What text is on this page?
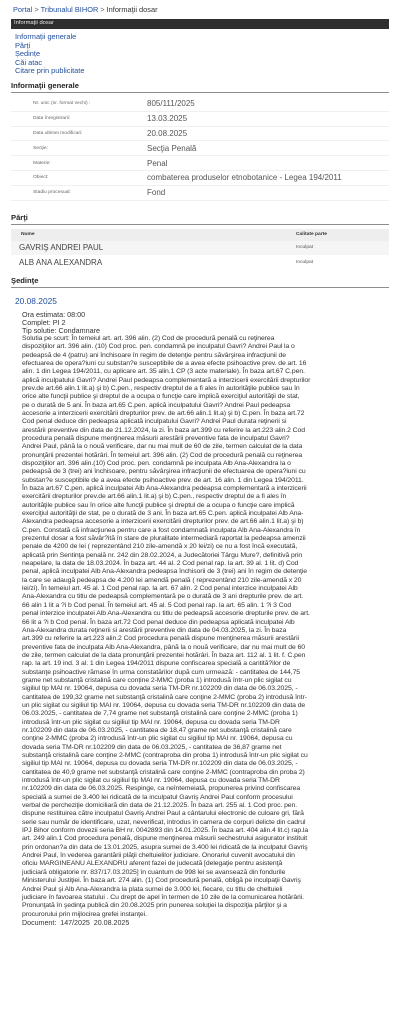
Portal > Tribunalul BIHOR > Informaţii dosar
Informaţii dosar
Informații generale
Părți
Ședințe
Căi atac
Citare prin publicitate
Informaţii generale
Nr. unic (nr. format vechi) :	805/111/2025
Data înregistrarii:	13.03.2025
Data ultimei modificari:	20.08.2025
Secţie:	Secţia Penală
Materie:	Penal
Obiect:	combaterea produselor etnobotanice - Legea 194/2011
Stadiu procesual:	Fond
Părţi
Nume	Calitate parte
GAVRIŞ ANDREI PAUL	Inculpat
ALB ANA ALEXANDRA	Inculpat
Şedinţe
20.08.2025
Ora estimata: 08:00
Complet: PI 2
Tip solutie: Condamnare
Solutia pe scurt: În temeiul art. art. 396 alin. (2) Cod de procedură penală cu reţinerea
dispoziţiilor art. 396 alin. (10) Cod proc. pen. condamnă pe inculpatul Gavri? Andrei Paul la o
pedeapsă de 4 (patru) ani închisoare în regim de detenţie pentru săvârşirea infracţiunii de
efectuarea de opera?iuni cu substan?e susceptibile de a avea efecte psihoactive prev. de art. 16
alin. 1 din Legea 194/2011, cu aplicare art. 35 alin.1 CP (3 acte materiale). În baza art.67 C.pen.
aplică inculpatului Gavri? Andrei Paul pedeapsa complementară a interzicerii exercitării drepturilor
prev.de art.66 alin.1 lit.a) şi b) C.pen., respectiv dreptul de a fi ales în autorităţile publice sau în
orice alte funcţii publice şi dreptul de a ocupa o funcţie care implică exerciţiul autorităţii de stat,
pe o durată de 5 ani. În baza art.65 C.pen. aplică inculpatului Gavri? Andrei Paul pedeapsa
accesorie a interzicerii exercitării drepturilor prev. de art.66 alin.1 lit.a) şi b) C.pen. În baza art.72
Cod penal deduce din pedeapsa aplicată inculpatului Gavri? Andrei Paul durata reţinerii si
arestării preventive din data de 21.12.2024, la zi. În baza art.399 cu referire la art.223 alin.2 Cod
procedura penală dispune menţinerea măsurii arestării preventive fata de inculpatul Gavri?
Andrei Paul, până la o nouă verificare, dar nu mai mult de 60 de zile, termen calculat de la data
pronunţării prezentei hotărâri. În temeiul art. 396 alin. (2) Cod de procedură penală cu reţinerea
dispoziţiilor art. 396 alin.(10) Cod proc. pen. condamnă pe inculpata Alb Ana-Alexandra la o
pedeapsă de 3 (trei) ani închisoare, pentru săvârşirea infracţiunii de efectuarea de opera?iuni cu
substan?e susceptibile de a avea efecte psihoactive prev. de art. 16 alin. 1 din Legea 194/2011.
În baza art.67 C.pen. aplică inculpatei Alb Ana-Alexandra pedeapsa complementară a interzicerii
exercitării drepturilor prev.de art.66 alin.1 lit.a) şi b) C.pen., respectiv dreptul de a fi ales în
autorităţile publice sau în orice alte funcţii publice şi dreptul de a ocupa o funcţie care implică
exerciţiul autorităţii de stat, pe o durată de 3 ani. În baza art.65 C.pen. aplică inculpatei Alb Ana-
Alexandra pedeapsa accesorie a interzicerii exercitării drepturilor prev. de art.66 alin.1 lit.a) şi b)
C.pen. Constată că infracţiunea pentru care a fost condamnată inculpata Alb Ana-Alexandra în
prezentul dosar a fost săvâr?ită în stare de pluralitate intermediară raportat la pedeapsa amenzii
penale de 4200 de lei ( reprezentând 210 zile-amendă x 20 lei/zi) ce nu a fost încă executată,
aplicată prin Sentinţa penală nr. 242 din 28.02.2024, a Judecătoriei Târgu Mure?, definitivă prin
neapelare, la data de 18.03.2024. În baza art. 44 al. 2 Cod penal rap. la art. 39 al. 1 lit. d) Cod
penal, aplică inculpatei Alb Ana-Alexandra pedeapsa închisorii de 3 (trei) ani în regim de detenţie
la care se adaugă pedeapsa de 4.200 lei amendă penală ( reprezentând 210 zile-amendă x 20
lei/zi). În temeiul art. 45 al. 1 Cod penal rap. la art. 67 alin. 2 Cod penal interzice inculpatei Alb
Ana-Alexandra cu titlu de pedeapsă complementară pe o durată de 3 ani drepturile prev. de art.
66 alin 1 lit a ?i b Cod penal. În temeiul art. 45 al. 5 Cod penal rap. la art. 65 alin. 1 ?i 3 Cod
penal interzice inculpatei Alb Ana-Alexandra cu titlu de pedeapsă accesorie drepturile prev. de art.
66 lit a ?i b Cod penal. În baza art.72 Cod penal deduce din pedeapsa aplicată inculpatei Alb
Ana-Alexandra durata reţinerii si arestării preventive din data de 04.03.2025, la zi. În baza
art.399 cu referire la art.223 alin.2 Cod procedura penală dispune menţinerea măsurii arestării
preventive fata de inculpata Alb Ana-Alexandra, până la o nouă verificare, dar nu mai mult de 60
de zile, termen calculat de la data pronunţării prezentei hotărâri. În baza art. 112 al. 1 lit. f. C.pen
rap. la art. 19 ind. 3 al. 1 din Legea 194/2011 dispune confiscarea specială a cantită?ilor de
substanţe psihoactive rămase în urma constatărilor după cum urmează: - cantitatea de 144,75
grame net substanță cristalină care conține 2-MMC (proba 1) introdusă într-un plic sigilat cu
sigiliul tip MAI nr. 19064, depusa cu dovada seria TM-DR nr.102209 din data de 06.03.2025, -
cantitatea de 199,32 grame net substanţă cristalină care conţine 2-MMC (proba 2) introdusă într-
un plic sigilat cu sigiliul tip MAI nr. 19064, depusa cu dovada seria TM-DR nr.102209 din data de
06.03.2025, - cantitatea de 7,74 grame net substanţă cristalină care conţine 2-MMC (proba 1)
introdusă într-un plic sigilat cu sigiliul tip MAI nr. 19064, depusa cu dovada seria TM-DR
nr.102209 din data de 06.03.2025, - cantitatea de 18,47 grame net substanţă cristalină care
conţine 2-MMC (proba 2) introdusă într-un plic sigilat cu sigiliul tip MAI nr. 19064, depusa cu
dovada seria TM-DR nr.102209 din data de 06.03.2025, - cantitatea de 36,87 grame net
substanţă cristalină care conţine 2-MMC (contraproba din proba 1) introdusă într-un plic sigilat cu
sigiliul tip MAI nr. 19064, depusa cu dovada seria TM-DR nr.102209 din data de 06.03.2025, -
cantitatea de 40,9 grame net substanţă cristalină care conţine 2-MMC (contraproba din proba 2)
introdusă într-un plic sigilat cu sigiliul tip MAI nr. 19064, depusa cu dovada seria TM-DR
nr.102209 din data de 06.03.2025. Respinge, ca neîntemeiată, propunerea privind confiscarea
specială a sumei de 3.400 lei ridicată de la inculpatul Gavriş Andrei Paul conform procesului
verbal de percheziţie domiciliară din data de 21.12.2025. În baza art. 255 al. 1 Cod proc. pen.
dispune restituirea către inculpatul Gavriş Andrei Paul a cântarului electronic de culoare gri, fără
serie sau număr de identificare, uzat, neverificat, introdus în camera de corpuri delicte din cadrul
IPJ Bihor conform dovezii seria BH nr. 0042893 din 14.01.2025. În baza art. 404 alin.4 lit.c) rap.la
art. 249 alin.1 Cod procedura penală, dispune menţinerea măsurii sechestrului asigurator instituit
prin ordonan?a din data de 13.01.2025, asupra sumei de 3.400 lei ridicată de la inculpatul Gavriş
Andrei Paul, în vederea garantării plăţii cheltuielilor judiciare. Onorariul cuvenit avocatului din
oficiu MARGINEANU ALEXANDRU aferent fazei de judecată [delegaţie pentru asistenţă
judiciară obligatorie nr. 837/17.03.2025] în cuantum de 998 lei se avansează din fondurile
Ministerului Justiţiei. În baza art. 274 alin. (1) Cod procedură penală, obligă pe inculpaţii Gavriş
Andrei Paul şi Alb Ana-Alexandra la plata sumei de 3.000 lei, fiecare, cu titlu de cheltuieli
judiciare în favoarea statului . Cu drept de apel în termen de 10 zile de la comunicarea hotărârii.
Pronunţată în şedinţa publică din 20.08.2025 prin punerea soluţiei la dispoziţia părţilor şi a
procurorului prin mijlocirea grefei instanţei.
Document:  147/2025  20.08.2025
